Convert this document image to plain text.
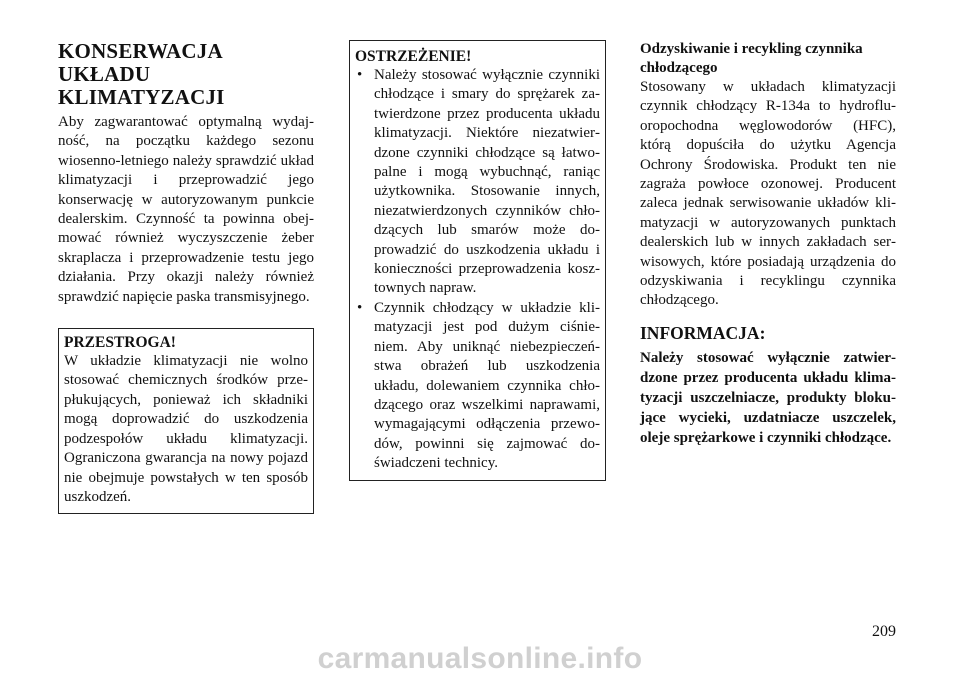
KONSERWACJA UKŁADU
KLIMATYZACJI

Aby zagwarantować optymalną wydajność, na początku każdego sezonu wiosenno-letniego należy sprawdzić układ klimatyzacji i przeprowadzić jego konserwację w autoryzowanym punkcie dealerskim. Czynność ta powinna obejmować również wyczyszczenie żeber skraplacza i przeprowadzenie testu jego działania. Przy okazji należy również sprawdzić napięcie paska transmisyjnego.

PRZESTROGA!
W układzie klimatyzacji nie wolno stosować chemicznych środków przepłukujących, ponieważ ich składniki mogą doprowadzić do uszkodzenia podzespołów układu klimatyzacji. Ograniczona gwarancja na nowy pojazd nie obejmuje powstałych w ten sposób uszkodzeń.
OSTRZEŻENIE!
• Należy stosować wyłącznie czynniki chłodzące i smary do sprężarek zatwierdzone przez producenta układu klimatyzacji. Niektóre niezatwierdzone czynniki chłodzące są łatwopalne i mogą wybuchnąć, raniąc użytkownika. Stosowanie innych, niezatwierdzonych czynników chłodzących lub smarów może doprowadzić do uszkodzenia układu i konieczności przeprowadzenia kosztownych napraw.
• Czynnik chłodzący w układzie klimatyzacji jest pod dużym ciśnieniem. Aby uniknąć niebezpieczeństwa obrażeń lub uszkodzenia układu, dolewaniem czynnika chłodzącego oraz wszelkimi naprawami, wymagającymi odłączenia przewodów, powinni się zajmować doświadczeni technicy.
Odzyskiwanie i recykling czynnika
chłodzącego

Stosowany w układach klimatyzacji czynnik chłodzący R-134a to hydrofluoropochodna węglowodorów (HFC), którą dopuściła do użytku Agencja Ochrony Środowiska. Produkt ten nie zagraża powłoce ozonowej. Producent zaleca jednak serwisowanie układów klimatyzacji w autoryzowanych punktach dealerskich lub w innych zakładach serwisowych, które posiadają urządzenia do odzyskiwania i recyklingu czynnika chłodzącego.

INFORMACJA:

Należy stosować wyłącznie zatwierdzone przez producenta układu klimatyzacji uszczelniacze, produkty blokujące wycieki, uzdatniacze uszczelek, oleje sprężarkowe i czynniki chłodzące.

209
carmanualsonline.info
